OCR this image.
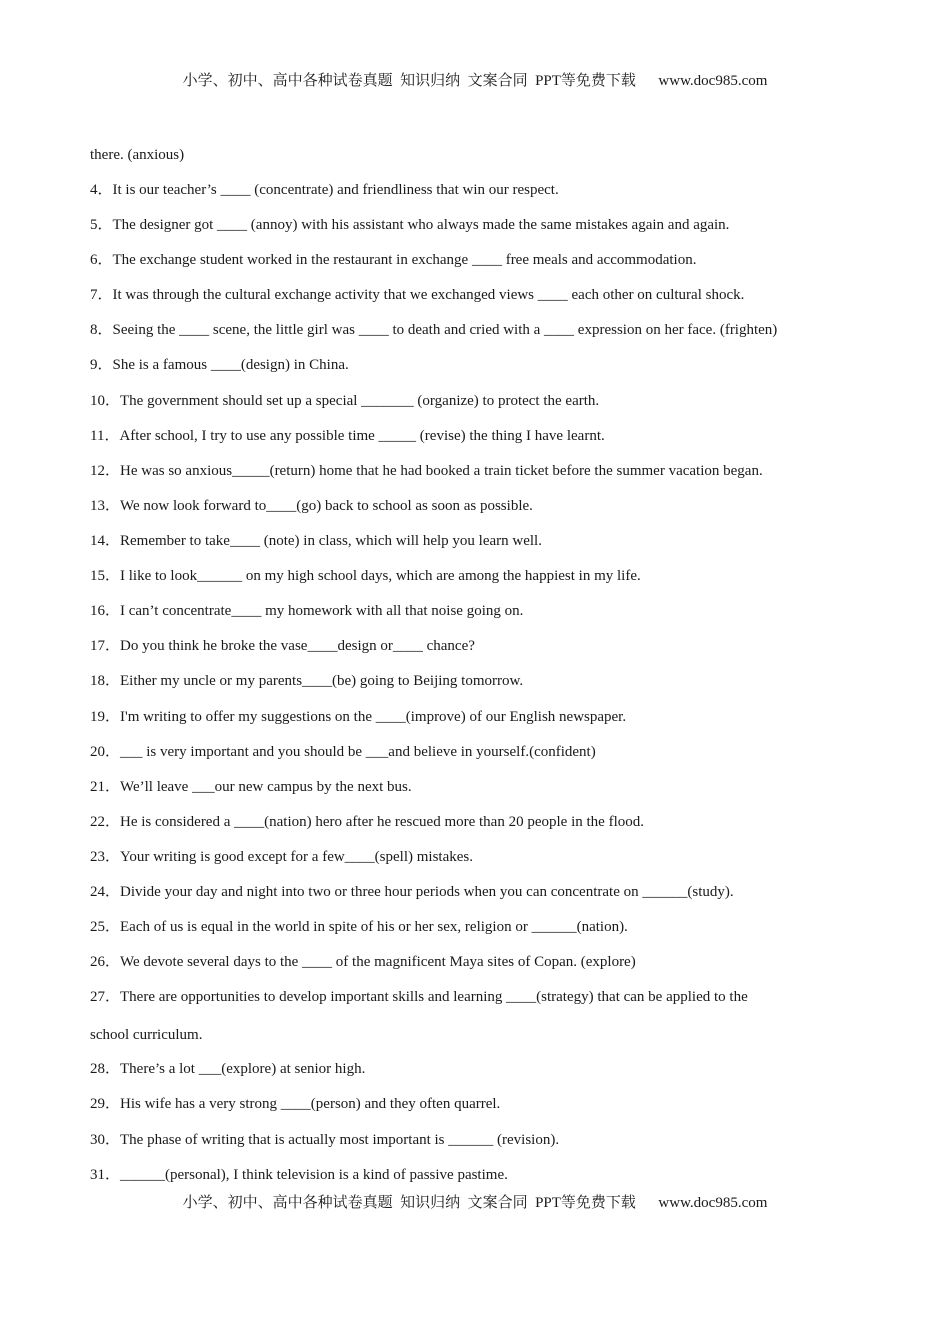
小学、初中、高中各种试卷真题  知识归纳  文案合同  PPT等免费下载      www.doc985.com
there. (anxious)
4．It is our teacher’s ____ (concentrate) and friendliness that win our respect.
5．The designer got ____ (annoy) with his assistant who always made the same mistakes again and again.
6．The exchange student worked in the restaurant in exchange ____ free meals and accommodation.
7．It was through the cultural exchange activity that we exchanged views ____ each other on cultural shock.
8．Seeing the ____ scene, the little girl was ____ to death and cried with a ____ expression on her face. (frighten)
9．She is a famous ____(design) in China.
10．The government should set up a special _______ (organize) to protect the earth.
11．After school, I try to use any possible time _____ (revise) the thing I have learnt.
12．He was so anxious_____(return) home that he had booked a train ticket before the summer vacation began.
13．We now look forward to____(go) back to school as soon as possible.
14．Remember to take____ (note) in class, which will help you learn well.
15．I like to look______ on my high school days, which are among the happiest in my life.
16．I can’t concentrate____ my homework with all that noise going on.
17．Do you think he broke the vase____design or____ chance?
18．Either my uncle or my parents____(be) going to Beijing tomorrow.
19．I'm writing to offer my suggestions on the ____(improve) of our English newspaper.
20．___ is very important and you should be ___and believe in yourself.(confident)
21．We’ll leave ___our new campus by the next bus.
22．He is considered a ____(nation) hero after he rescued more than 20 people in the flood.
23．Your writing is good except for a few____(spell) mistakes.
24．Divide your day and night into two or three hour periods when you can concentrate on ______(study).
25．Each of us is equal in the world in spite of his or her sex, religion or ______(nation).
26．We devote several days to the ____ of the magnificent Maya sites of Copan. (explore)
27．There are opportunities to develop important skills and learning ____(strategy) that can be applied to the
school curriculum.
28．There’s a lot ___(explore) at senior high.
29．His wife has a very strong ____(person) and they often quarrel.
30．The phase of writing that is actually most important is ______ (revision).
31．______(personal), I think television is a kind of passive pastime.
小学、初中、高中各种试卷真题  知识归纳  文案合同  PPT等免费下载      www.doc985.com
